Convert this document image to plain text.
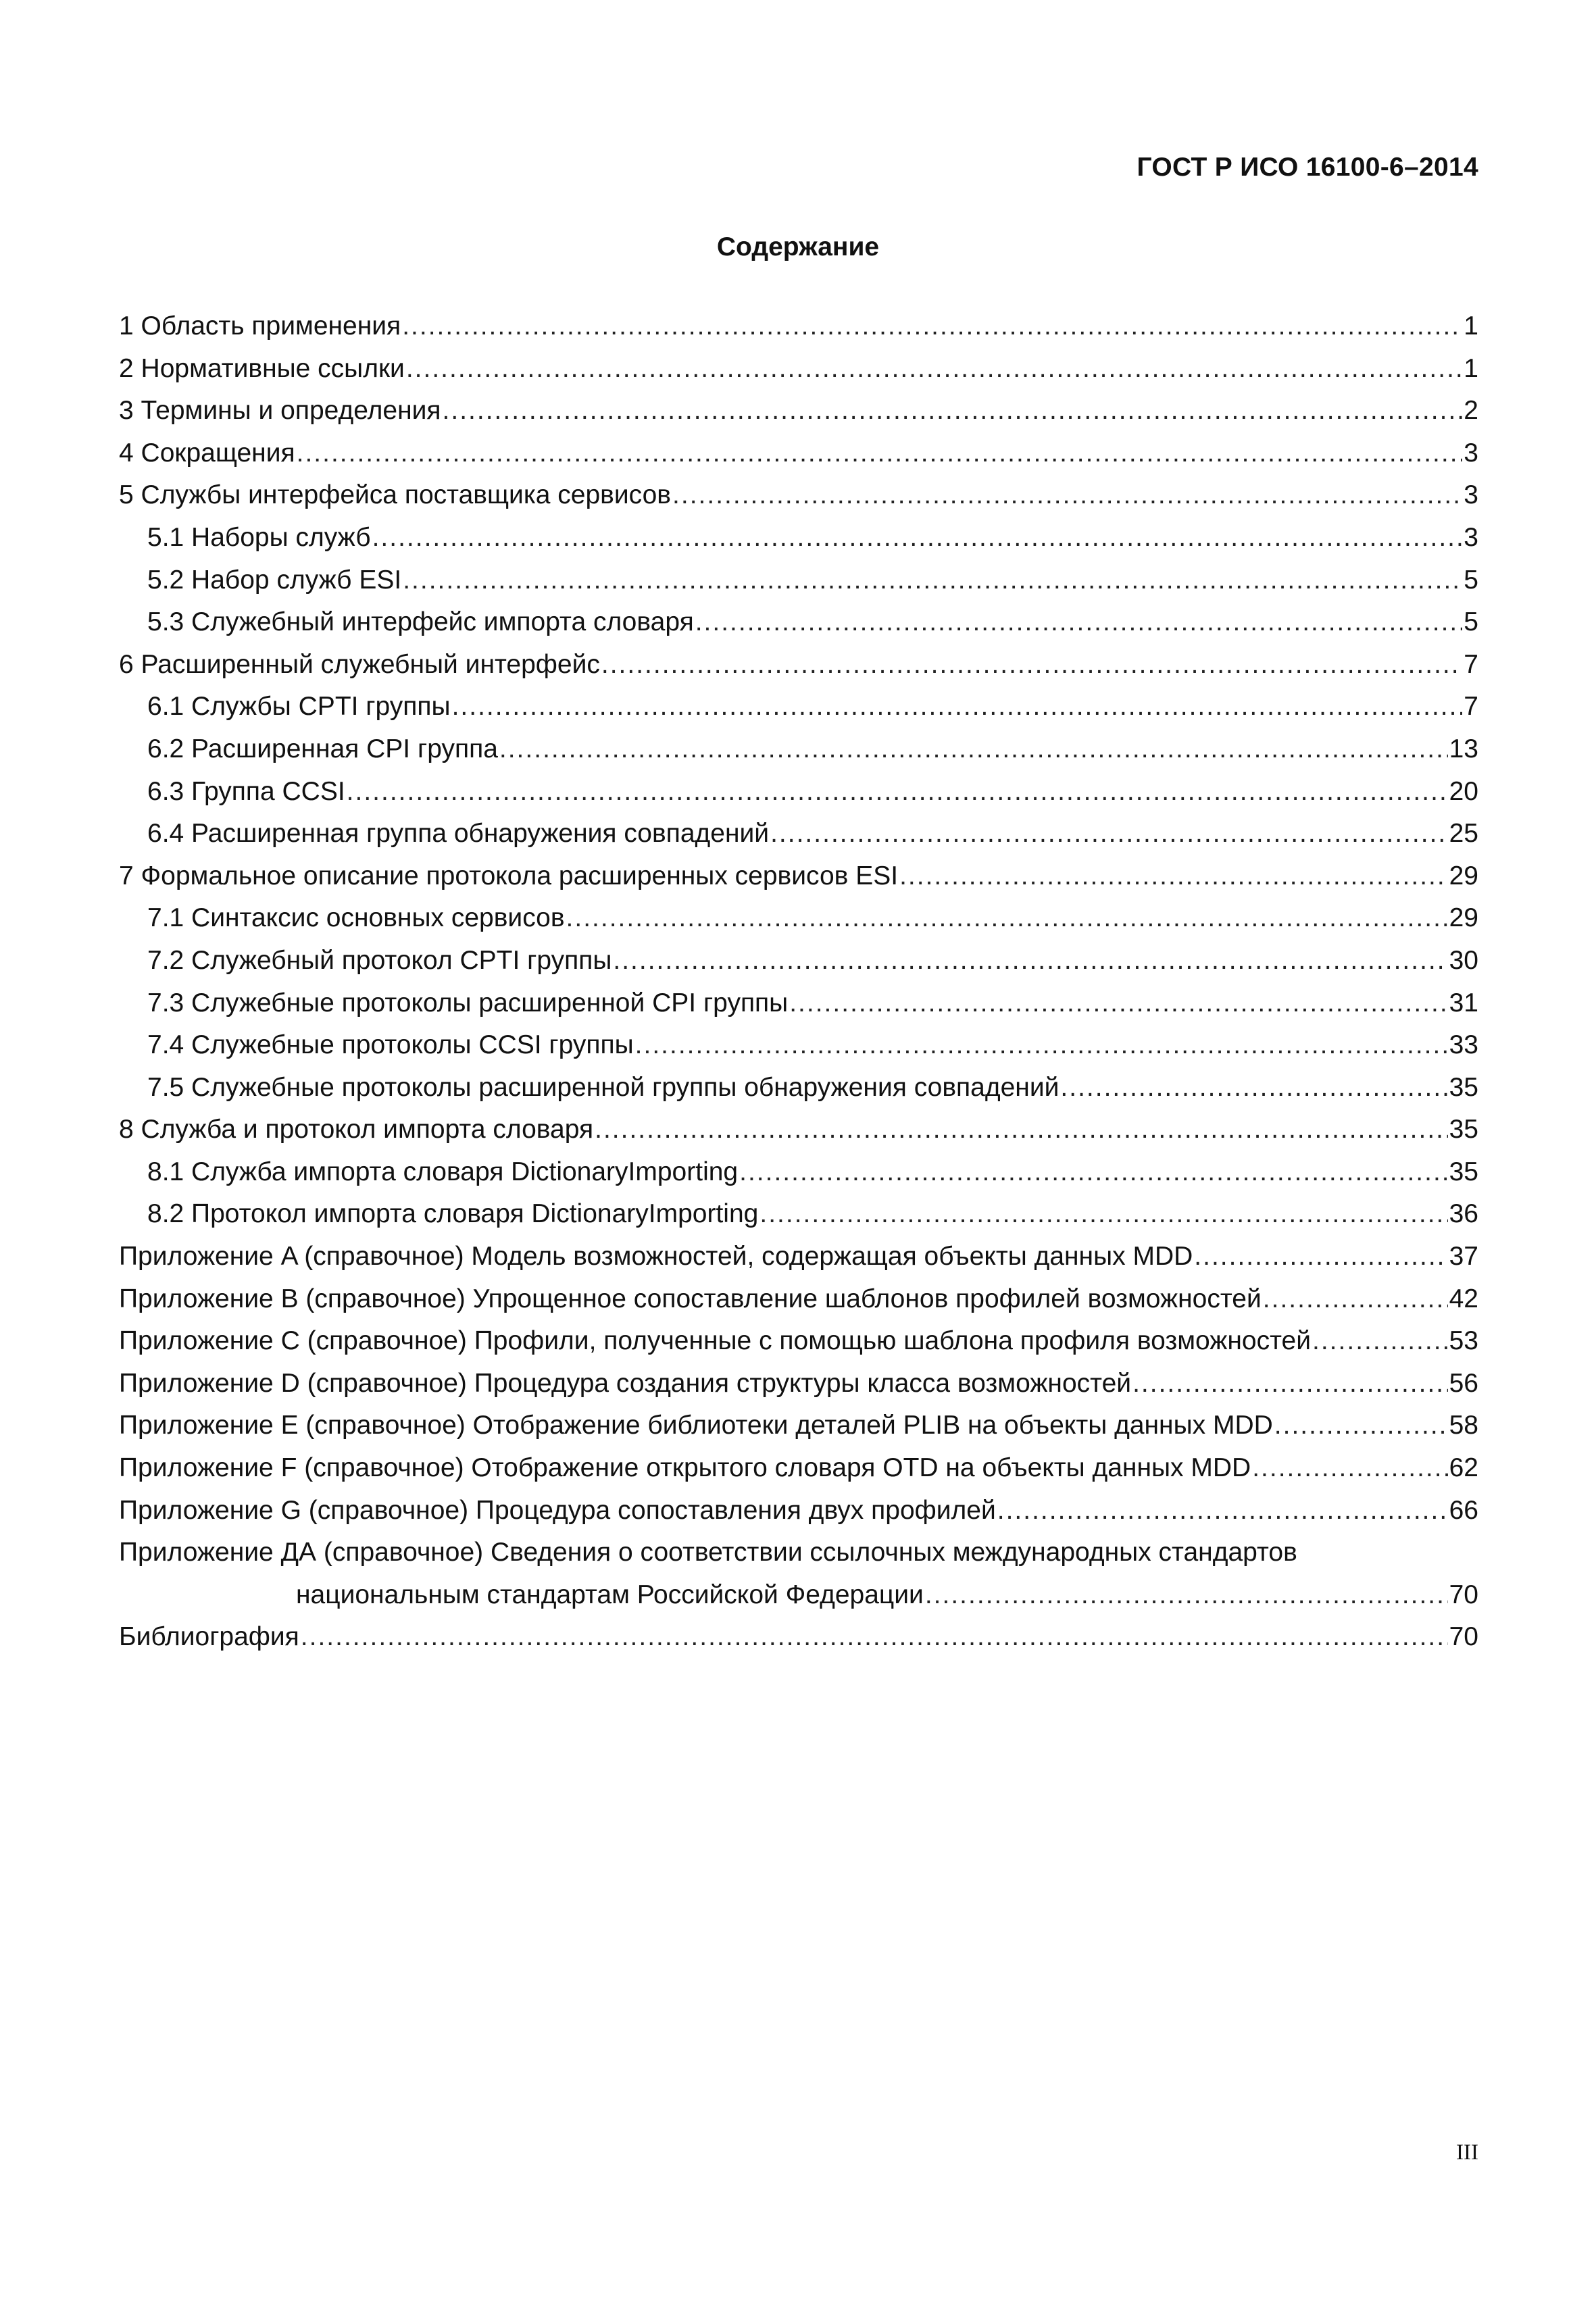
ГОСТ Р ИСО 16100-6–2014
Содержание
1 Область применения .....	1
2 Нормативные ссылки .....	1
3 Термины и определения .....	2
4 Сокращения .....	3
5 Службы интерфейса поставщика сервисов .....	3
5.1 Наборы служб .....	3
5.2 Набор служб ESI .....	5
5.3 Служебный интерфейс импорта словаря .....	5
6 Расширенный служебный интерфейс .....	7
6.1 Службы CPTI группы .....	7
6.2 Расширенная CPI группа .....	13
6.3 Группа CCSI .....	20
6.4 Расширенная группа обнаружения совпадений .....	25
7 Формальное описание протокола расширенных сервисов ESI .....	29
7.1 Синтаксис основных сервисов .....	29
7.2 Служебный протокол CPTI группы .....	30
7.3 Служебные протоколы расширенной CPI группы .....	31
7.4 Служебные протоколы CCSI группы .....	33
7.5 Служебные протоколы расширенной группы обнаружения совпадений .....	35
8 Служба и протокол импорта словаря .....	35
8.1 Служба импорта словаря DictionaryImporting .....	35
8.2 Протокол импорта словаря DictionaryImporting .....	36
Приложение A (справочное) Модель возможностей, содержащая объекты данных MDD .....	37
Приложение B (справочное) Упрощенное сопоставление шаблонов профилей возможностей .....	42
Приложение C (справочное) Профили, полученные с помощью шаблона профиля возможностей .....	53
Приложение D (справочное) Процедура создания структуры класса возможностей .....	56
Приложение E (справочное) Отображение библиотеки деталей PLIB на объекты данных MDD .....	58
Приложение F (справочное) Отображение открытого словаря OTD на объекты данных MDD .....	62
Приложение G (справочное) Процедура сопоставления двух профилей .....	66
Приложение ДА (справочное) Сведения о соответствии ссылочных международных стандартов
национальным стандартам Российской Федерации .....	70
Библиография .....	70
III
